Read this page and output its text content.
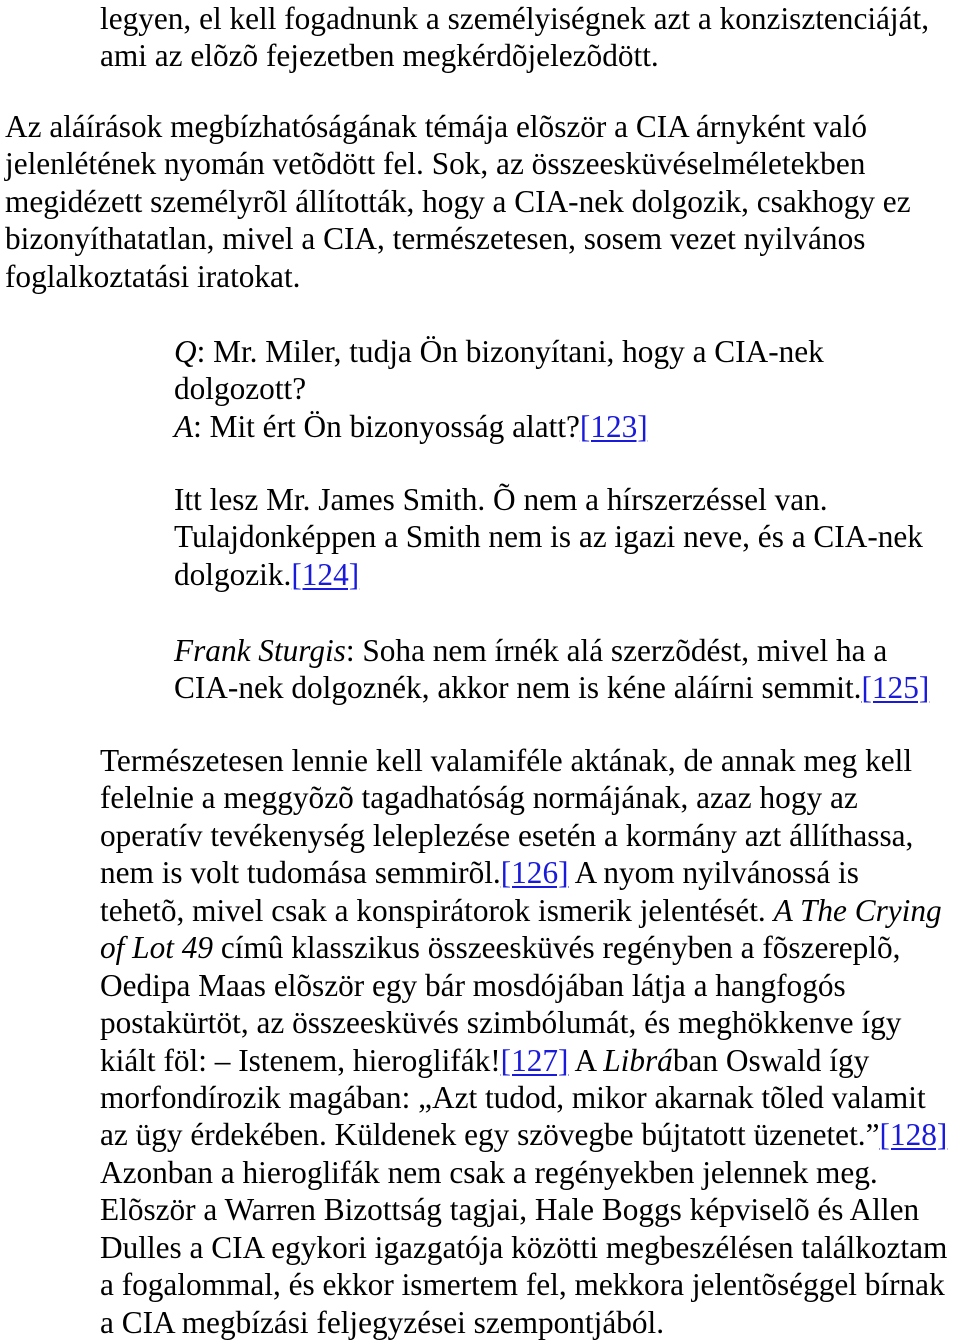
legyen, el kell fogadnunk a személyiségnek azt a konzisztenciáját,
ami az elõzõ fejezetben megkérdõjelezõdött.
Az aláírások megbízhatóságának témája elõször a CIA árnyként való
jelenlétének nyomán vetõdött fel. Sok, az összeesküvéselméletekben
megidézett személyrõl állították, hogy a CIA-nek dolgozik, csakhogy ez
bizonyíthatatlan, mivel a CIA, természetesen, sosem vezet nyilvános
foglalkoztatási iratokat.
Q: Mr. Miler, tudja Ön bizonyítani, hogy a CIA-nek
dolgozott?
A: Mit ért Ön bizonyosság alatt?[123]
Itt lesz Mr. James Smith. Õ nem a hírszerzéssel van.
Tulajdonképpen a Smith nem is az igazi neve, és a CIA-nek
dolgozik.[124]
Frank Sturgis: Soha nem írnék alá szerzõdést, mivel ha a
CIA-nek dolgoznék, akkor nem is kéne aláírni semmit.[125]
Természetesen lennie kell valamiféle aktának, de annak meg kell
felelnie a meggyõzõ tagadhatóság normájának, azaz hogy az
operatív tevékenység leleplezése esetén a kormány azt állíthassa,
nem is volt tudomása semmirõl.[126] A nyom nyilvánossá is
tehetõ, mivel csak a konspirátorok ismerik jelentését. A The Crying
of Lot 49 címû klasszikus összeesküvés regényben a fõszereplõ,
Oedipa Maas elõször egy bár mosdójában látja a hangfogós
postakürtöt, az összeesküvés szimbólumát, és meghökkenve így
kiált föl: – Istenem, hieroglifák![127] A Librában Oswald így
morfondírozik magában: „Azt tudod, mikor akarnak tõled valamit
az ügy érdekében. Küldenek egy szövegbe bújtatott üzenetet.”[128]
Azonban a hieroglifák nem csak a regényekben jelennek meg.
Elõször a Warren Bizottság tagjai, Hale Boggs képviselõ és Allen
Dulles a CIA egykori igazgatója közötti megbeszélésen találkoztam
a fogalommal, és ekkor ismertem fel, mekkora jelentõséggel bírnak
a CIA megbízási feljegyzései szempontjából.
